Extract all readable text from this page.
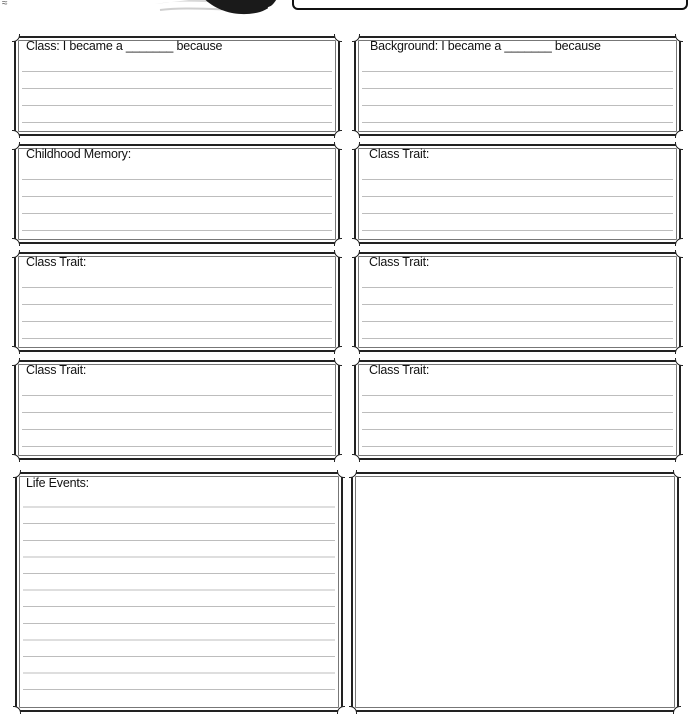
≈
Class: I became a _______ because	Background: I became a _______ because
Childhood Memory:	Class Trait:
Class Trait:	Class Trait:
Class Trait:	Class Trait:
Life Events:
